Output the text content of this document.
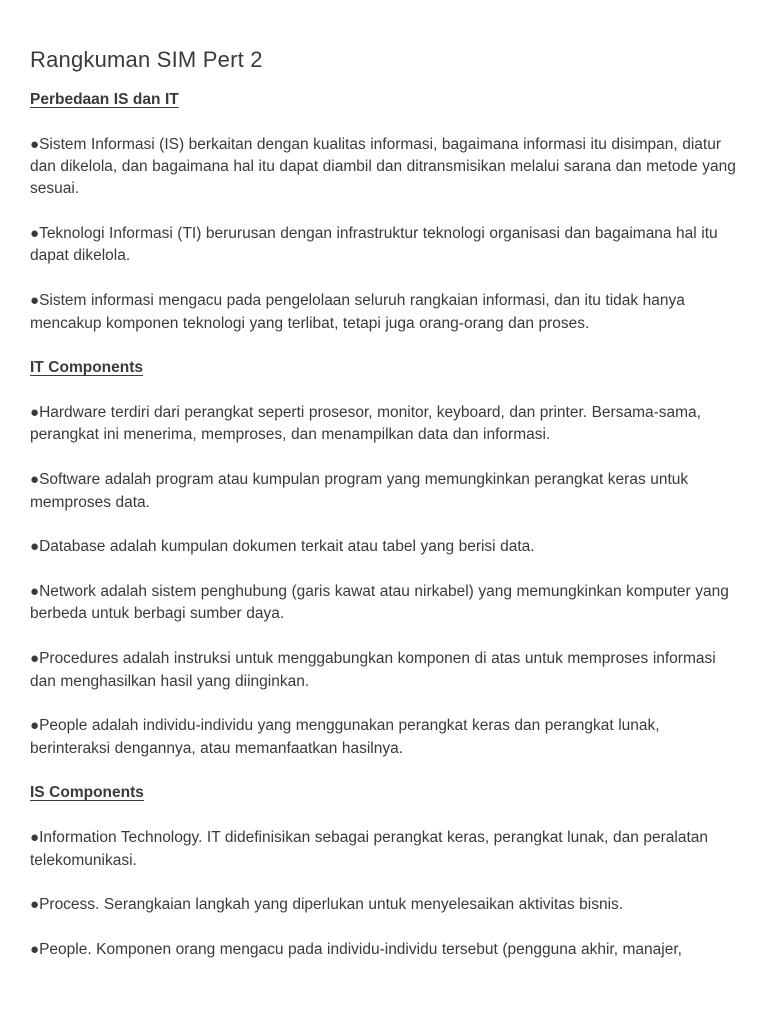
Rangkuman SIM Pert 2
Perbedaan IS dan IT
●Sistem Informasi (IS) berkaitan dengan kualitas informasi, bagaimana informasi itu disimpan, diatur dan dikelola, dan bagaimana hal itu dapat diambil dan ditransmisikan melalui sarana dan metode yang sesuai.
●Teknologi Informasi (TI) berurusan dengan infrastruktur teknologi organisasi dan bagaimana hal itu dapat dikelola.
●Sistem informasi mengacu pada pengelolaan seluruh rangkaian informasi, dan itu tidak hanya mencakup komponen teknologi yang terlibat, tetapi juga orang-orang dan proses.
IT Components
●Hardware terdiri dari perangkat seperti prosesor, monitor, keyboard, dan printer. Bersama-sama, perangkat ini menerima, memproses, dan menampilkan data dan informasi.
●Software adalah program atau kumpulan program yang memungkinkan perangkat keras untuk memproses data.
●Database adalah kumpulan dokumen terkait atau tabel yang berisi data.
●Network adalah sistem penghubung (garis kawat atau nirkabel) yang memungkinkan komputer yang berbeda untuk berbagi sumber daya.
●Procedures adalah instruksi untuk menggabungkan komponen di atas untuk memproses informasi dan menghasilkan hasil yang diinginkan.
●People adalah individu-individu yang menggunakan perangkat keras dan perangkat lunak, berinteraksi dengannya, atau memanfaatkan hasilnya.
IS Components
●Information Technology. IT didefinisikan sebagai perangkat keras, perangkat lunak, dan peralatan telekomunikasi.
●Process. Serangkaian langkah yang diperlukan untuk menyelesaikan aktivitas bisnis.
●People. Komponen orang mengacu pada individu-individu tersebut (pengguna akhir, manajer,
